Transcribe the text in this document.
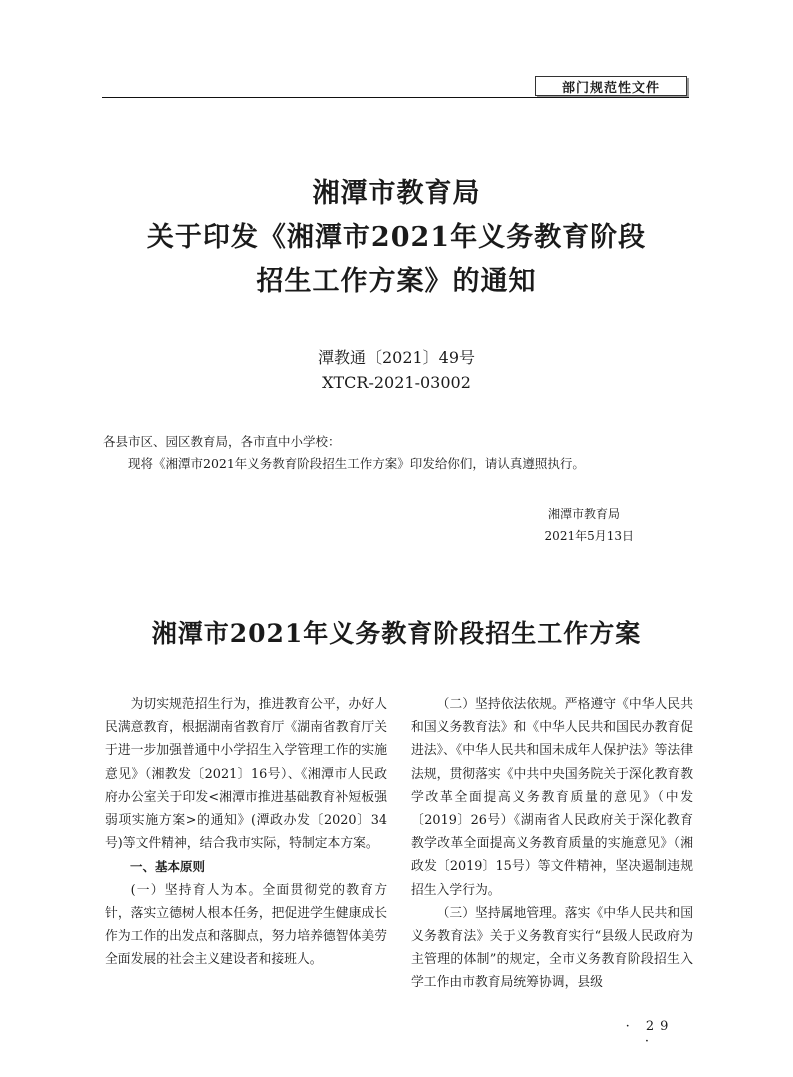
部门规范性文件
湘潭市教育局
关于印发《湘潭市2021年义务教育阶段
招生工作方案》的通知
潭教通〔2021〕49号
XTCR-2021-03002
各县市区、园区教育局，各市直中小学校：
现将《湘潭市2021年义务教育阶段招生工作方案》印发给你们，请认真遵照执行。
湘潭市教育局
2021年5月13日
湘潭市2021年义务教育阶段招生工作方案

为切实规范招生行为，推进教育公平，办好人民满意教育，根据湖南省教育厅《湖南省教育厅关于进一步加强普通中小学招生入学管理工作的实施意见》（湘教发〔2021〕16号）、《湘潭市人民政府办公室关于印发<湘潭市推进基础教育补短板强弱项实施方案>的通知》(潭政办发〔2020〕34号)等文件精神，结合我市实际，特制定本方案。

一、基本原则

(一）坚持育人为本。全面贯彻党的教育方针，落实立德树人根本任务，把促进学生健康成长作为工作的出发点和落脚点，努力培养德智体美劳全面发展的社会主义建设者和接班人。

（二）坚持依法依规。严格遵守《中华人民共和国义务教育法》和《中华人民共和国民办教育促进法》、《中华人民共和国未成年人保护法》等法律法规，贯彻落实《中共中央国务院关于深化教育教学改革全面提高义务教育质量的意见》（中发〔2019〕26号）《湖南省人民政府关于深化教育教学改革全面提高义务教育质量的实施意见》（湘政发〔2019〕15号）等文件精神，坚决遏制违规招生入学行为。

（三）坚持属地管理。落实《中华人民共和国义务教育法》关于义务教育实行“县级人民政府为主管理的体制”的规定，全市义务教育阶段招生入学工作由市教育局统筹协调，县级

· 29 ·
